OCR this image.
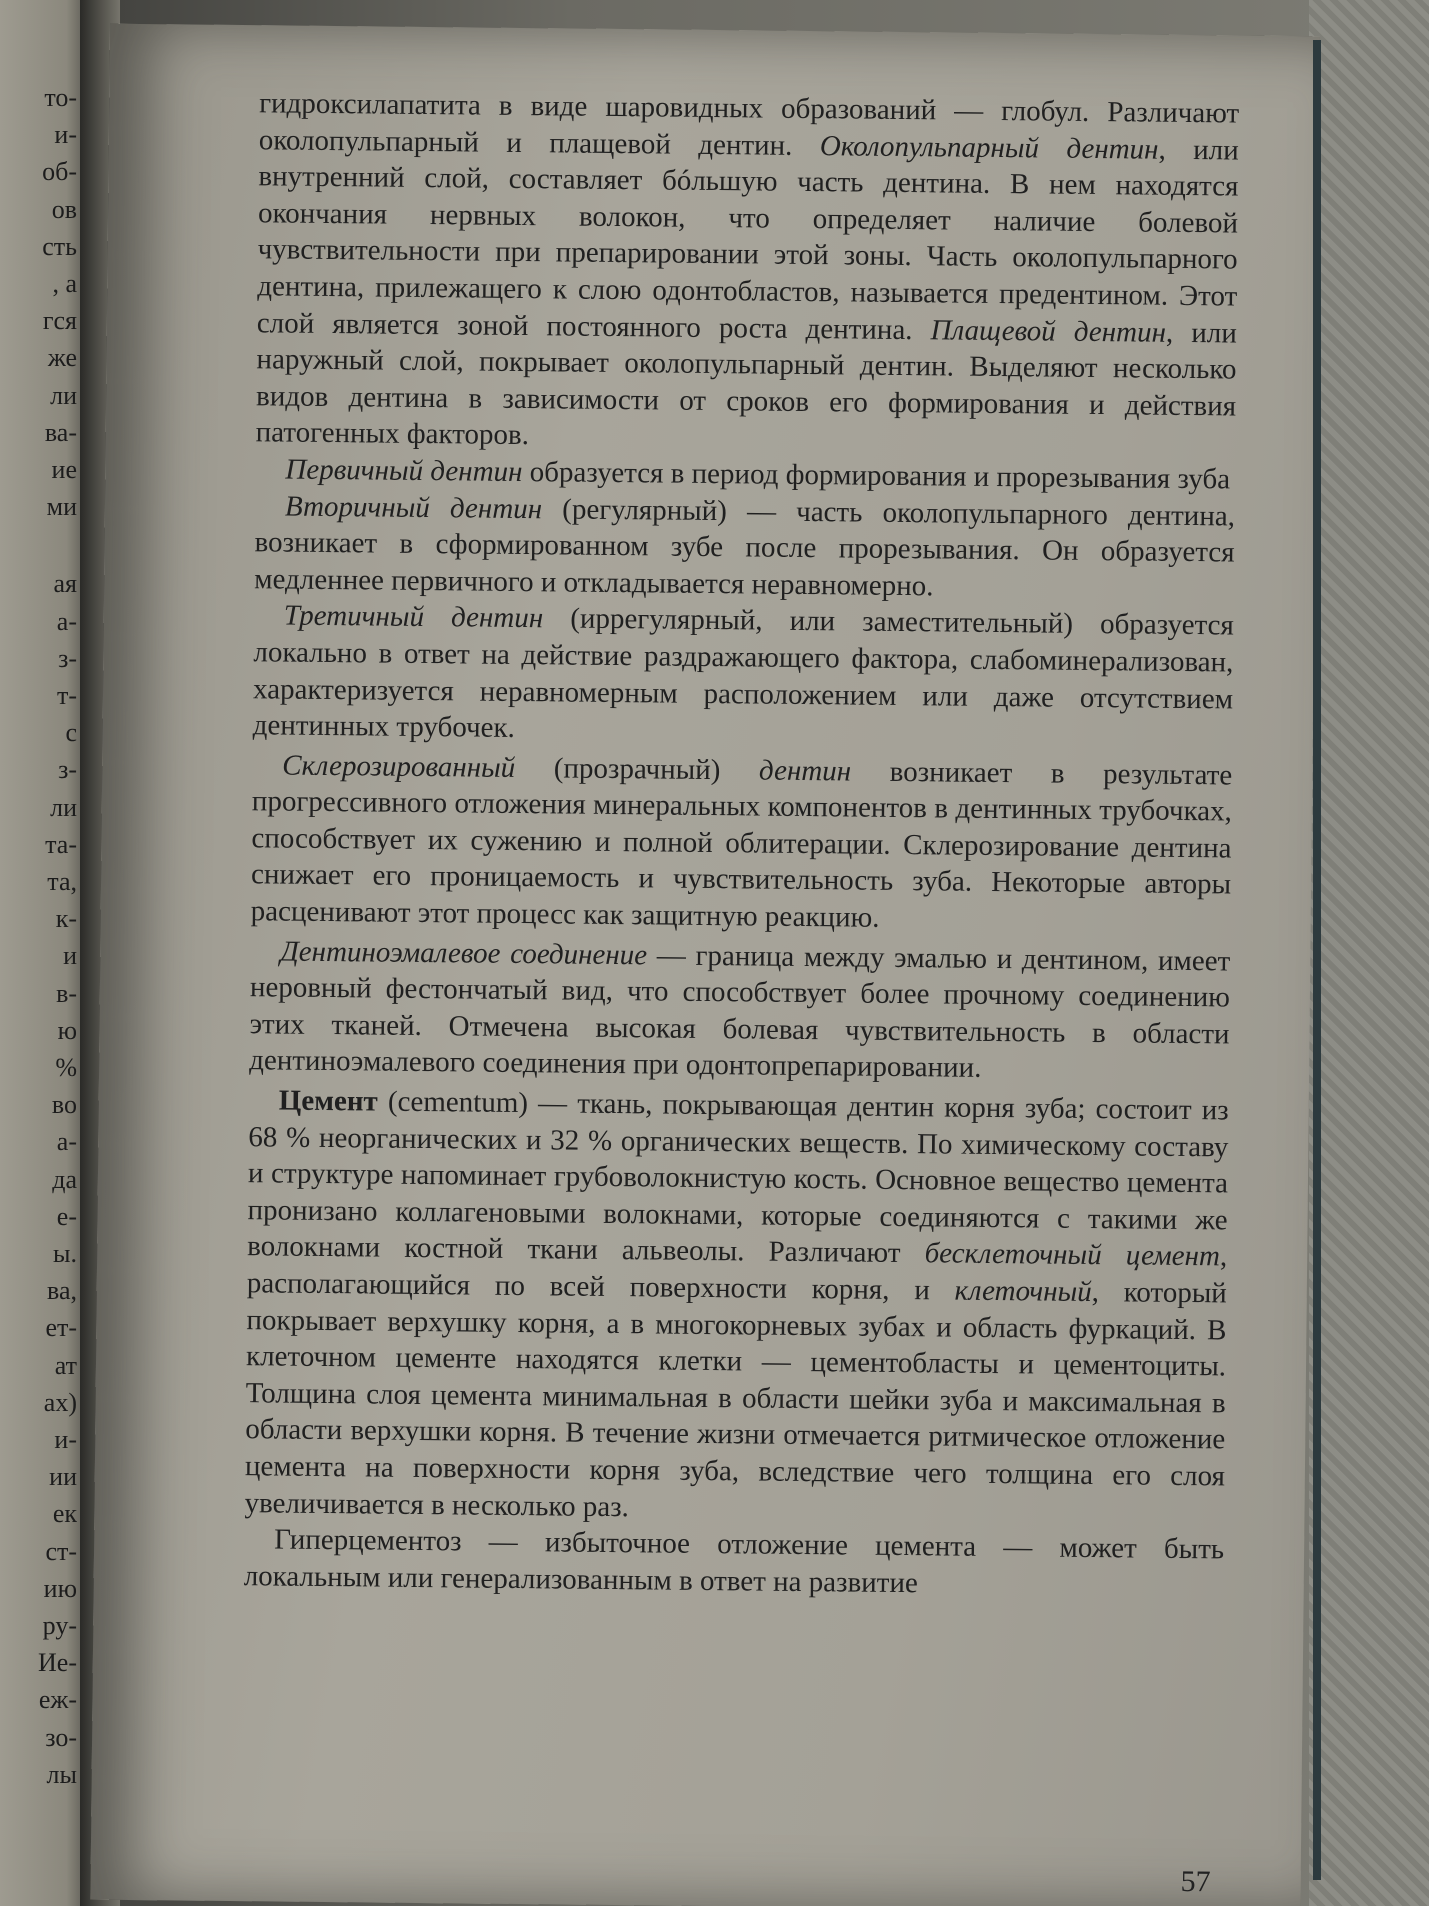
то-
и-
об-
ов
сть
, а
гся
же
ли
ва-
ие
ми
ая
а-
з-
т-
с
з-
ли
та-
та,
к-
и
в-
ю
%
во
а-
да
е-
ы.
ва,
ет-
ат
ах)
и-
ии
ек
ст-
ию
ру-
Ие-
еж-
зо-
лы

гидроксилапатита в виде шаровидных образований — глобул. Различают околопульпарный и плащевой дентин. Околопульпарный дентин, или внутренний слой, составляет бóльшую часть дентина. В нем находятся окончания нервных волокон, что определяет наличие болевой чувствительности при препарировании этой зоны. Часть околопульпарного дентина, прилежащего к слою одонтобластов, называется предентином. Этот слой является зоной постоянного роста дентина. Плащевой дентин, или наружный слой, покрывает околопульпарный дентин. Выделяют несколько видов дентина в зависимости от сроков его формирования и действия патогенных факторов.

Первичный дентин образуется в период формирования и прорезывания зуба

Вторичный дентин (регулярный) — часть околопульпарного дентина, возникает в сформированном зубе после прорезывания. Он образуется медленнее первичного и откладывается неравномерно.

Третичный дентин (иррегулярный, или заместительный) образуется локально в ответ на действие раздражающего фактора, слабоминерализован, характеризуется неравномерным расположением или даже отсутствием дентинных трубочек.

Склерозированный (прозрачный) дентин возникает в результате прогрессивного отложения минеральных компонентов в дентинных трубочках, способствует их сужению и полной облитерации. Склерозирование дентина снижает его проницаемость и чувствительность зуба. Некоторые авторы расценивают этот процесс как защитную реакцию.

Дентиноэмалевое соединение — граница между эмалью и дентином, имеет неровный фестончатый вид, что способствует более прочному соединению этих тканей. Отмечена высокая болевая чувствительность в области дентиноэмалевого соединения при одонтопрепарировании.

Цемент (cementum) — ткань, покрывающая дентин корня зуба; состоит из 68 % неорганических и 32 % органических веществ. По химическому составу и структуре напоминает грубоволокнистую кость. Основное вещество цемента пронизано коллагеновыми волокнами, которые соединяются с такими же волокнами костной ткани альвеолы. Различают бесклеточный цемент, располагающийся по всей поверхности корня, и клеточный, который покрывает верхушку корня, а в многокорневых зубах и область фуркаций. В клеточном цементе находятся клетки — цементобласты и цементоциты. Толщина слоя цемента минимальная в области шейки зуба и максимальная в области верхушки корня. В течение жизни отмечается ритмическое отложение цемента на поверхности корня зуба, вследствие чего толщина его слоя увеличивается в несколько раз.

Гиперцементоз — избыточное отложение цемента — может быть локальным или генерализованным в ответ на развитие

57
